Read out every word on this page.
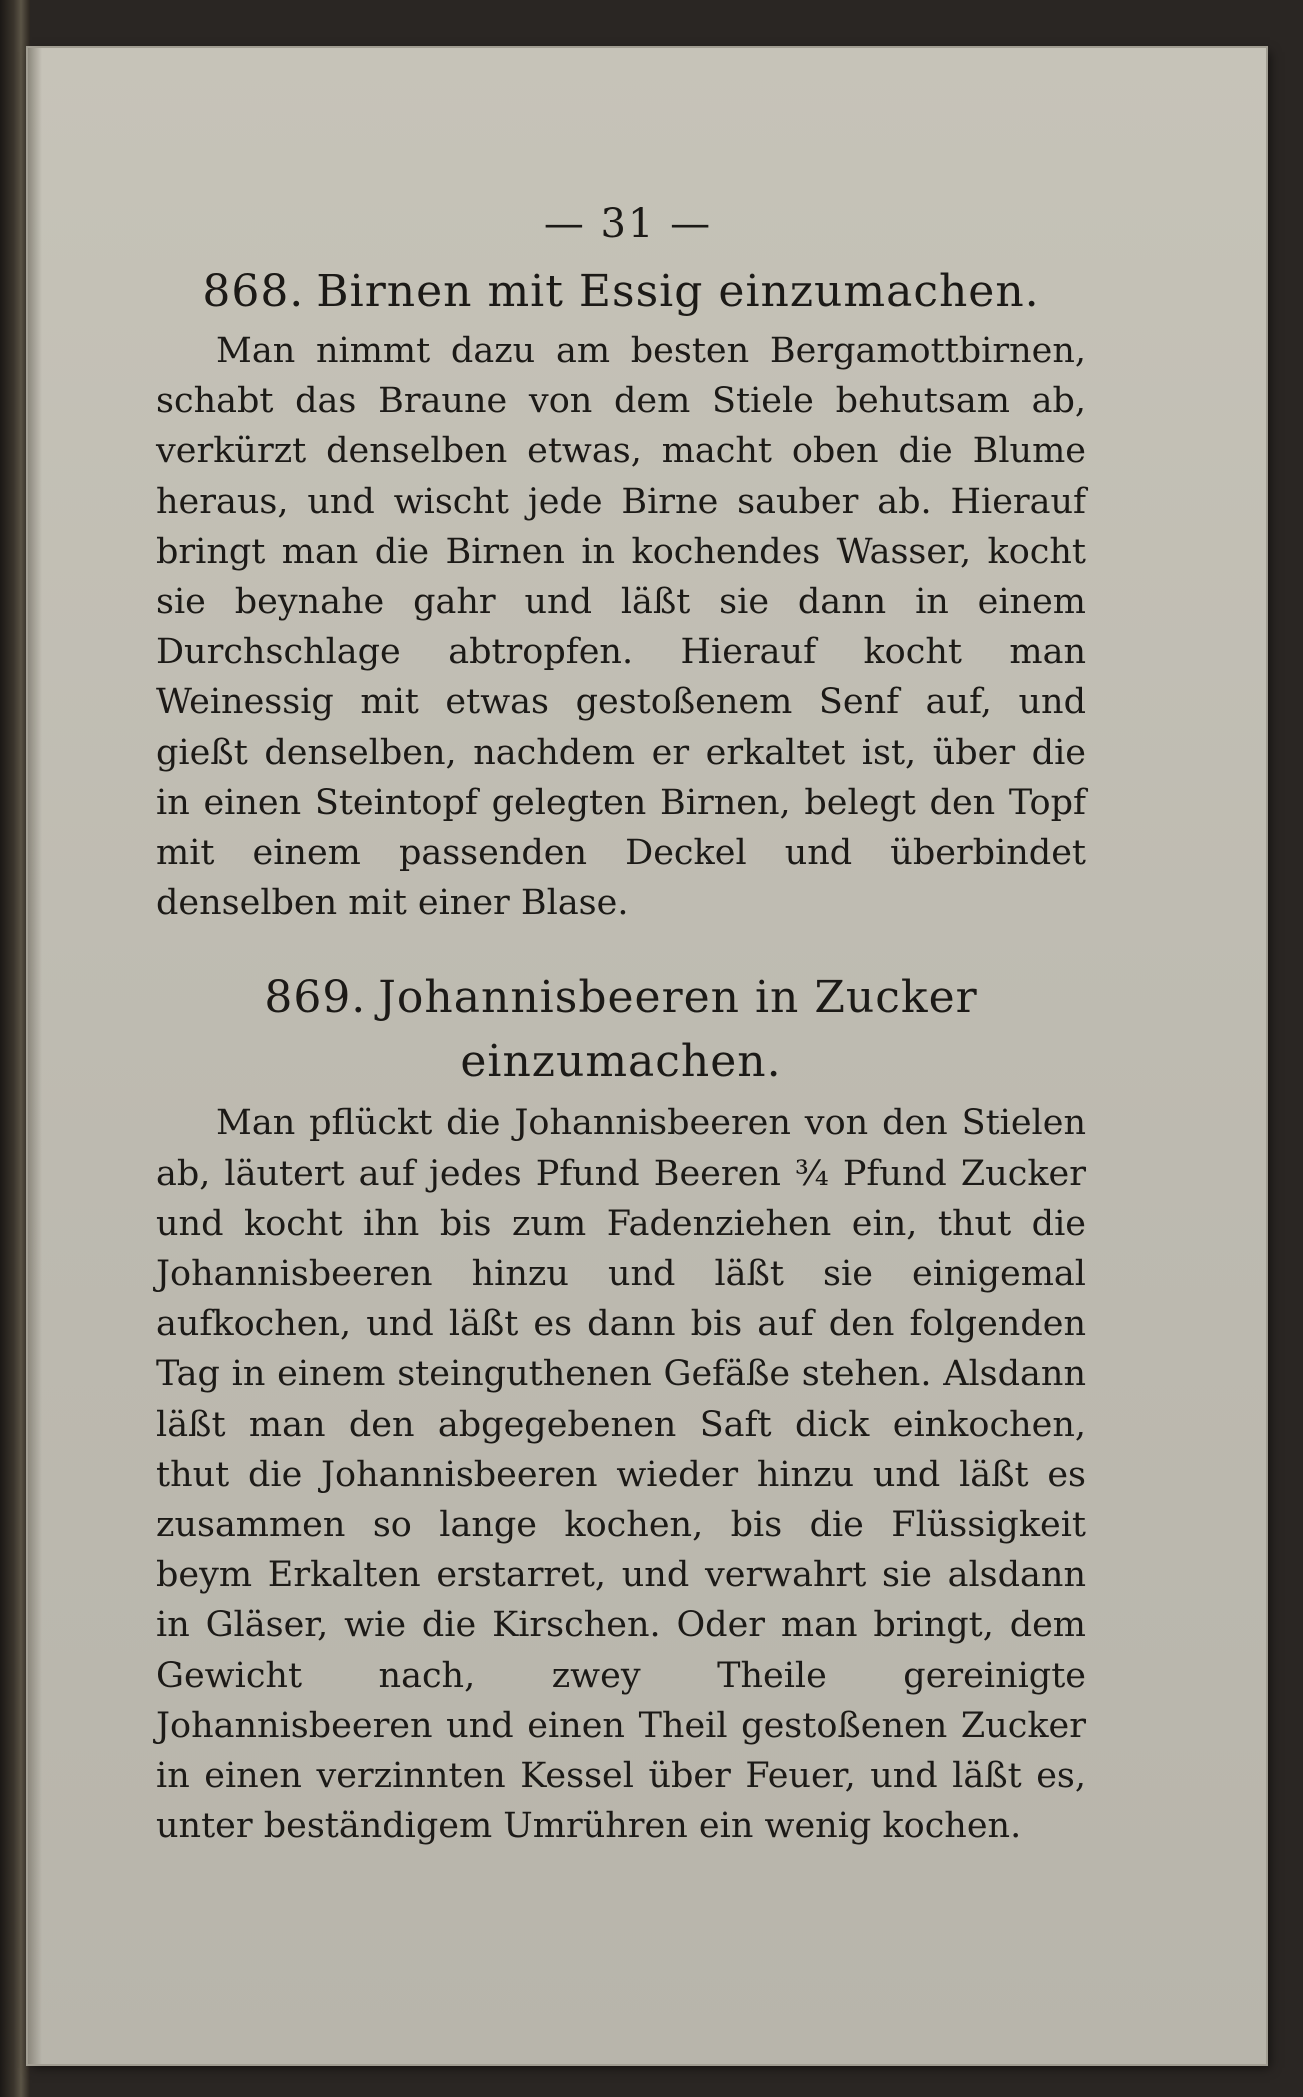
— 31 —
868. Birnen mit Essig einzumachen.

Man nimmt dazu am besten Bergamottbirnen, schabt das Braune von dem Stiele behutsam ab, verkürzt denselben etwas, macht oben die Blume heraus, und wischt jede Birne sauber ab. Hierauf bringt man die Birnen in kochendes Wasser, kocht sie beynahe gahr und läßt sie dann in einem Durchschlage abtropfen. Hierauf kocht man Weinessig mit etwas gestoßenem Senf auf, und gießt denselben, nachdem er erkaltet ist, über die in einen Steintopf gelegten Birnen, belegt den Topf mit einem passenden Deckel und überbindet denselben mit einer Blase.

869. Johannisbeeren in Zucker einzumachen.

Man pflückt die Johannisbeeren von den Stielen ab, läutert auf jedes Pfund Beeren ¾ Pfund Zucker und kocht ihn bis zum Fadenziehen ein, thut die Johannisbeeren hinzu und läßt sie einigemal aufkochen, und läßt es dann bis auf den folgenden Tag in einem steinguthenen Gefäße stehen. Alsdann läßt man den abgegebenen Saft dick einkochen, thut die Johannisbeeren wieder hinzu und läßt es zusammen so lange kochen, bis die Flüssigkeit beym Erkalten erstarret, und verwahrt sie alsdann in Gläser, wie die Kirschen. Oder man bringt, dem Gewicht nach, zwey Theile gereinigte Johannisbeeren und einen Theil gestoßenen Zucker in einen verzinnten Kessel über Feuer, und läßt es, unter beständigem Umrühren ein wenig kochen.
